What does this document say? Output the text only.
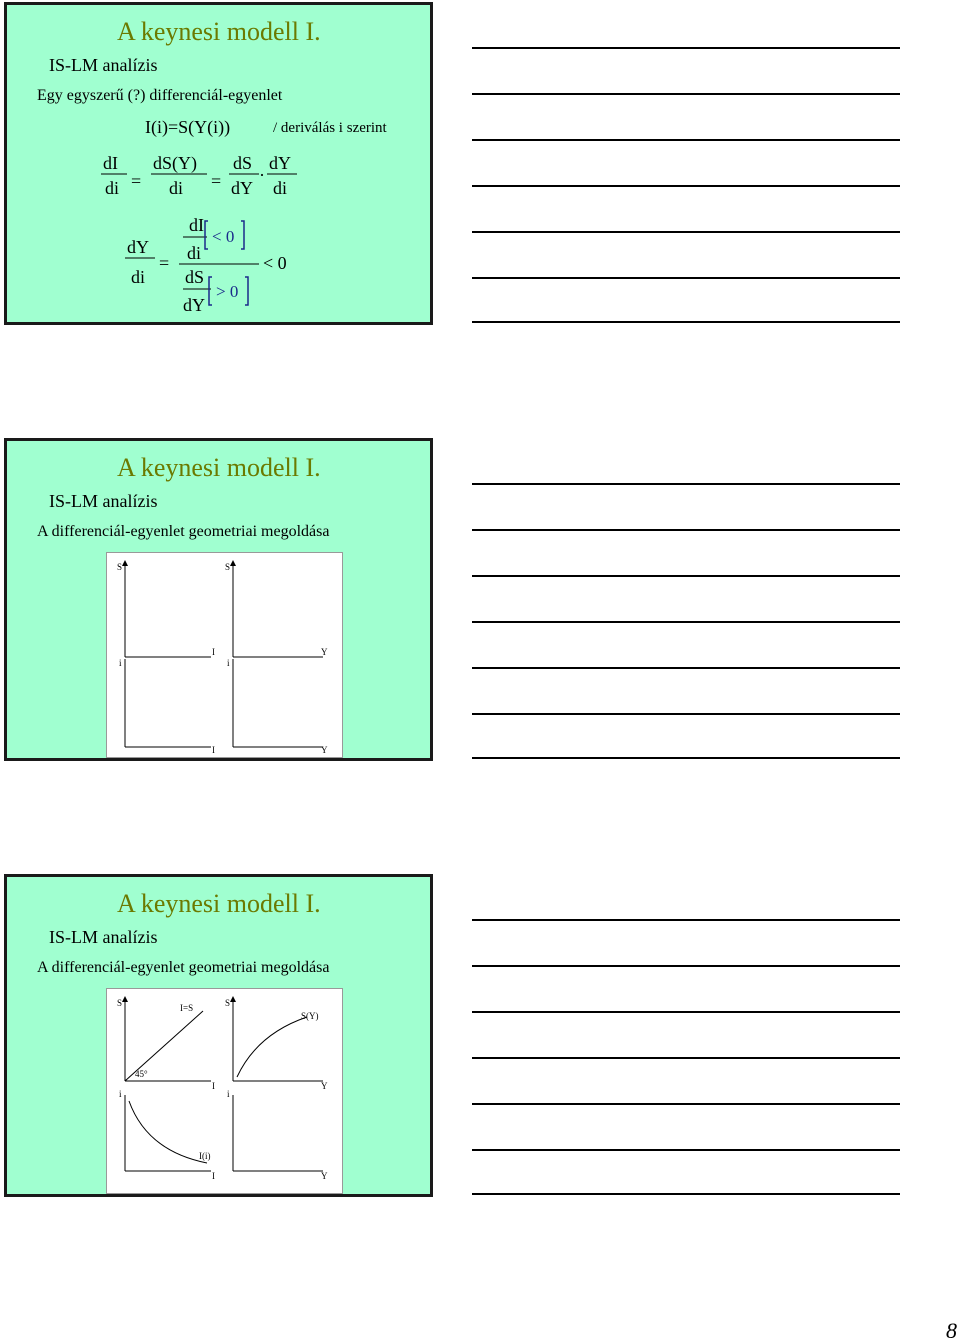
A keynesi modell I.
IS-LM analízis
Egy egyszerű (?) differenciál-egyenlet
I(i)=S(Y(i))	/ deriválás i szerint
dI
di =
dS(Y)
di =
dS
dY
·
dY
di
dY
di
=
dI
di
dS
dY
< 0
> 0
< 0
A keynesi modell I.
IS-LM analízis
A differenciál-egyenlet geometriai megoldása
S	S
i
I
i
Y
I	Y
A keynesi modell I.
IS-LM analízis
A differenciál-egyenlet geometriai megoldása
S	S
I=S
S(Y)
45°
i
I
i
Y
I(i)
I	Y
8
